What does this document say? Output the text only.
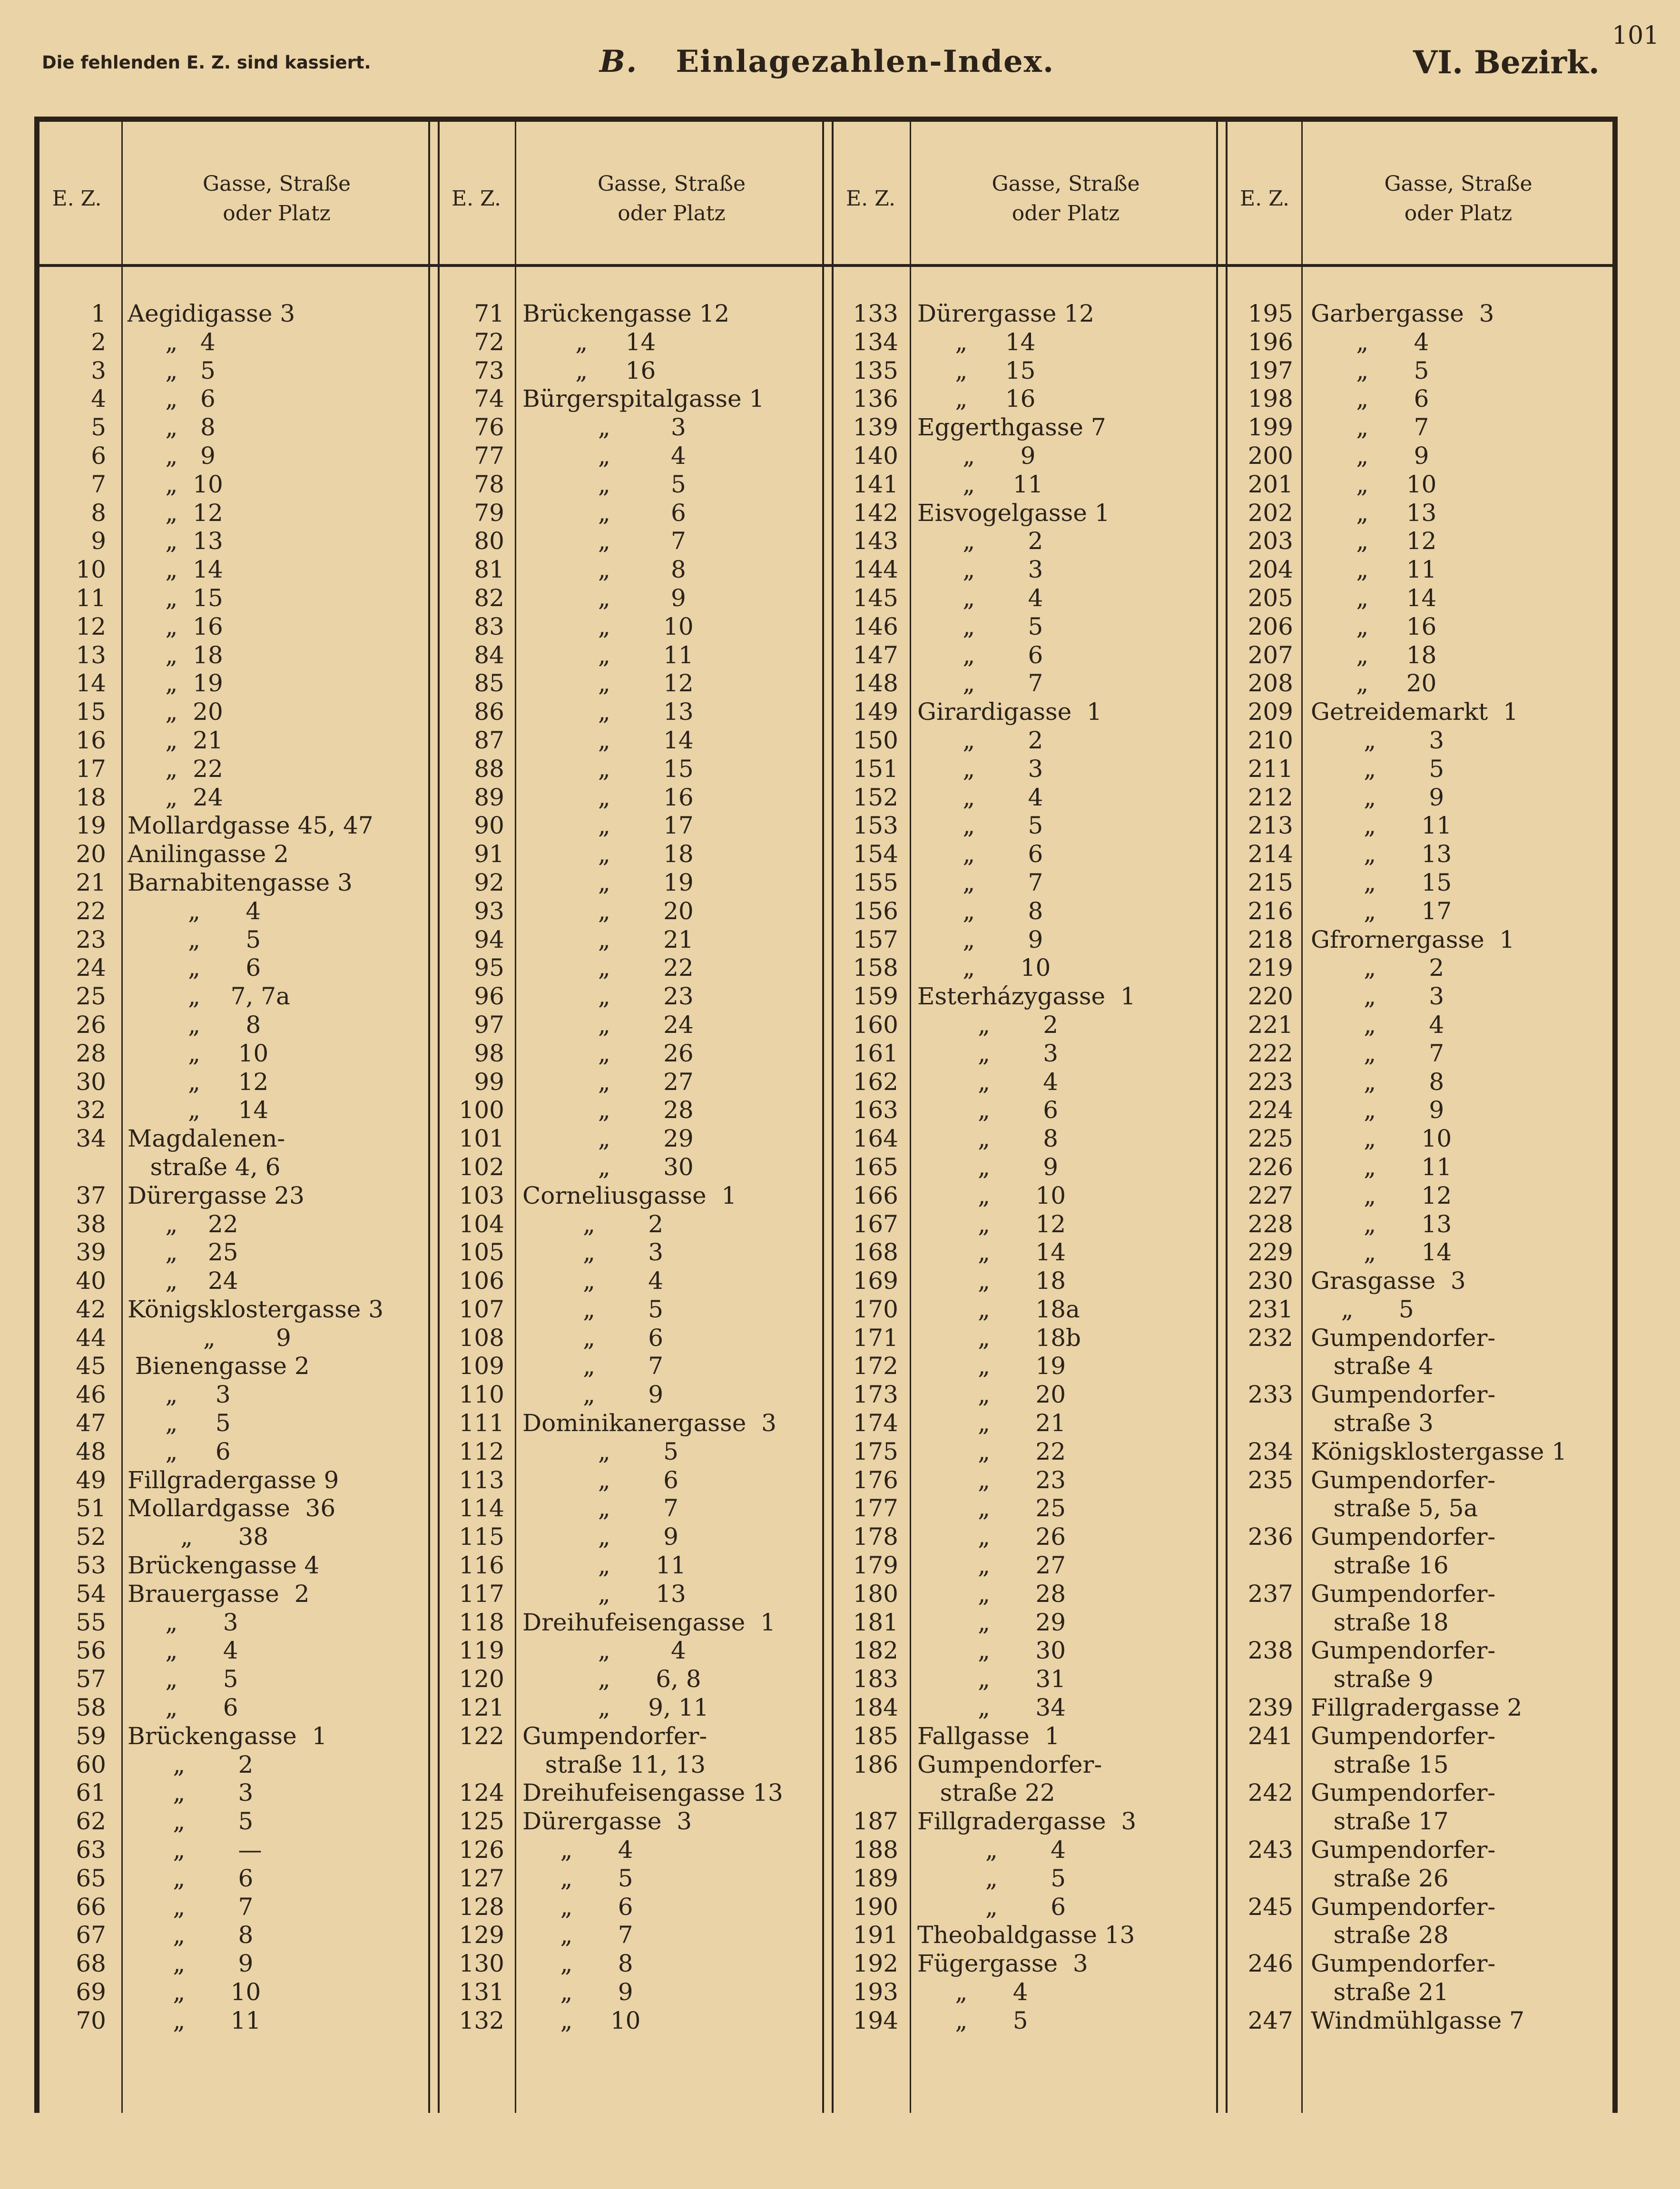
101
Die fehlenden E. Z. sind kassiert.	B. Einlagezahlen-Index.	VI. Bezirk.
E. Z.
Gasse, Straße
oder Platz
1 Aegidigasse 3
2 „   4
3 „   5
4 „   6
5 „   8
6 „   9
7 „  10
8 „  12
9 „  13
10 „  14
11 „  15
12 „  16
13 „  18
14 „  19
15 „  20
16 „  21
17 „  22
18 „  24
19 Mollardgasse 45, 47
20 Anilingasse 2
21 Barnabitengasse 3
22 „      4
23 „      5
24 „      6
25 „    7, 7a
26 „      8
28 „     10
30 „     12
32 „     14
34 Magdalenen-
straße 4, 6
37 Dürergasse 23
38 „    22
39 „    25
40 „    24
42 Königsklostergasse 3
44 „        9
45 Bienengasse 2
46 „     3
47 „     5
48 „     6
49 Fillgradergasse 9
51 Mollardgasse  36
52 „      38
53 Brückengasse 4
54 Brauergasse  2
55 „      3
56 „      4
57 „      5
58 „      6
59 Brückengasse  1
60 „       2
61 „       3
62 „       5
63 „       —
65 „       6
66 „       7
67 „       8
68 „       9
69 „      10
70 „      11
E. Z.
Gasse, Straße
oder Platz
71 Brückengasse 12
72 „     14
73 „     16
74 Bürgerspitalgasse 1
76 „        3
77 „        4
78 „        5
79 „        6
80 „        7
81 „        8
82 „        9
83 „       10
84 „       11
85 „       12
86 „       13
87 „       14
88 „       15
89 „       16
90 „       17
91 „       18
92 „       19
93 „       20
94 „       21
95 „       22
96 „       23
97 „       24
98 „       26
99 „       27
100 „       28
101 „       29
102 „       30
103 Corneliusgasse  1
104 „       2
105 „       3
106 „       4
107 „       5
108 „       6
109 „       7
110 „       9
111 Dominikanergasse  3
112 „       5
113 „       6
114 „       7
115 „       9
116 „      11
117 „      13
118 Dreihufeisengasse  1
119 „        4
120 „      6, 8
121 „     9, 11
122 Gumpendorfer-
straße 11, 13
124 Dreihufeisengasse 13
125 Dürergasse  3
126 „      4
127 „      5
128 „      6
129 „      7
130 „      8
131 „      9
132 „     10
E. Z.
Gasse, Straße
oder Platz
133 Dürergasse 12
134 „     14
135 „     15
136 „     16
139 Eggerthgasse 7
140 „      9
141 „     11
142 Eisvogelgasse 1
143 „       2
144 „       3
145 „       4
146 „       5
147 „       6
148 „       7
149 Girardigasse  1
150 „       2
151 „       3
152 „       4
153 „       5
154 „       6
155 „       7
156 „       8
157 „       9
158 „      10
159 Esterházygasse  1
160 „       2
161 „       3
162 „       4
163 „       6
164 „       8
165 „       9
166 „      10
167 „      12
168 „      14
169 „      18
170 „      18a
171 „      18b
172 „      19
173 „      20
174 „      21
175 „      22
176 „      23
177 „      25
178 „      26
179 „      27
180 „      28
181 „      29
182 „      30
183 „      31
184 „      34
185 Fallgasse  1
186 Gumpendorfer-
straße 22
187 Fillgradergasse  3
188 „       4
189 „       5
190 „       6
191 Theobaldgasse 13
192 Fügergasse  3
193 „      4
194 „      5
E. Z.
Gasse, Straße
oder Platz
195 Garbergasse  3
196 „      4
197 „      5
198 „      6
199 „      7
200 „      9
201 „     10
202 „     13
203 „     12
204 „     11
205 „     14
206 „     16
207 „     18
208 „     20
209 Getreidemarkt  1
210 „       3
211 „       5
212 „       9
213 „      11
214 „      13
215 „      15
216 „      17
218 Gfrornergasse  1
219 „       2
220 „       3
221 „       4
222 „       7
223 „       8
224 „       9
225 „      10
226 „      11
227 „      12
228 „      13
229 „      14
230 Grasgasse  3
231 „      5
232 Gumpendorfer-
straße 4
233 Gumpendorfer-
straße 3
234 Königsklostergasse 1
235 Gumpendorfer-
straße 5, 5a
236 Gumpendorfer-
straße 16
237 Gumpendorfer-
straße 18
238 Gumpendorfer-
straße 9
239 Fillgradergasse 2
241 Gumpendorfer-
straße 15
242 Gumpendorfer-
straße 17
243 Gumpendorfer-
straße 26
245 Gumpendorfer-
straße 28
246 Gumpendorfer-
straße 21
247 Windmühlgasse 7
